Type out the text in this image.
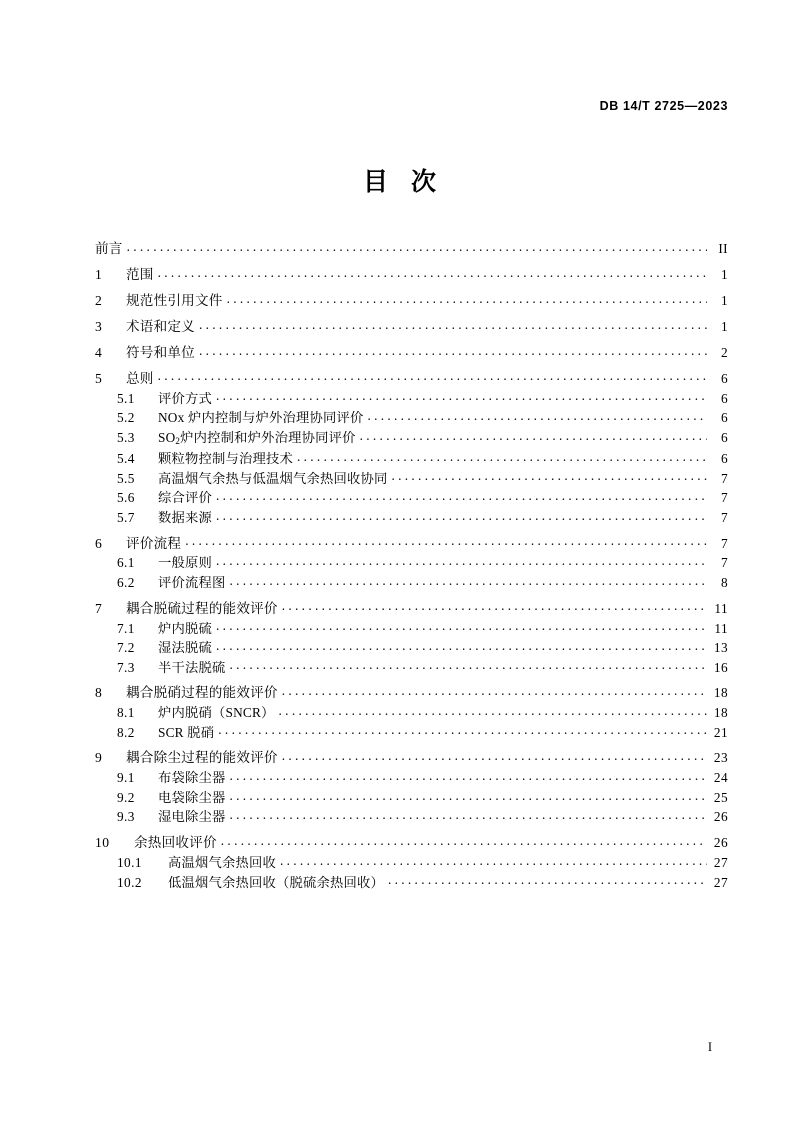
DB 14/T 2725—2023
目 次
前言 . . .	II
1	范围 . . .	1
2	规范性引用文件 . . .	1
3	术语和定义 . . .	1
4	符号和单位 . . .	2
5	总则 . . .	6
5.1	评价方式 . . .	6
5.2	NOx 炉内控制与炉外治理协同评价 . . .	6
5.3	$SO_2$炉内控制和炉外治理协同评价 . . .	6
5.4	颗粒物控制与治理技术 . . .	6
5.5	高温烟气余热与低温烟气余热回收协同 . . .	7
5.6	综合评价 . . .	7
5.7	数据来源 . . .	7
6	评价流程 . . .	7
6.1	一般原则 . . .	7
6.2	评价流程图 . . .	8
7	耦合脱硫过程的能效评价 . . .	11
7.1	炉内脱硫 . . .	11
7.2	湿法脱硫 . . .	13
7.3	半干法脱硫 . . .	16
8	耦合脱硝过程的能效评价 . . .	18
8.1	炉内脱硝（SNCR） . . .	18
8.2	SCR 脱硝 . . .	21
9	耦合除尘过程的能效评价 . . .	23
9.1	布袋除尘器 . . .	24
9.2	电袋除尘器 . . .	25
9.3	湿电除尘器 . . .	26
10	余热回收评价 . . .	26
10.1	高温烟气余热回收 . . .	27
10.2	低温烟气余热回收（脱硫余热回收） . . .	27
I
